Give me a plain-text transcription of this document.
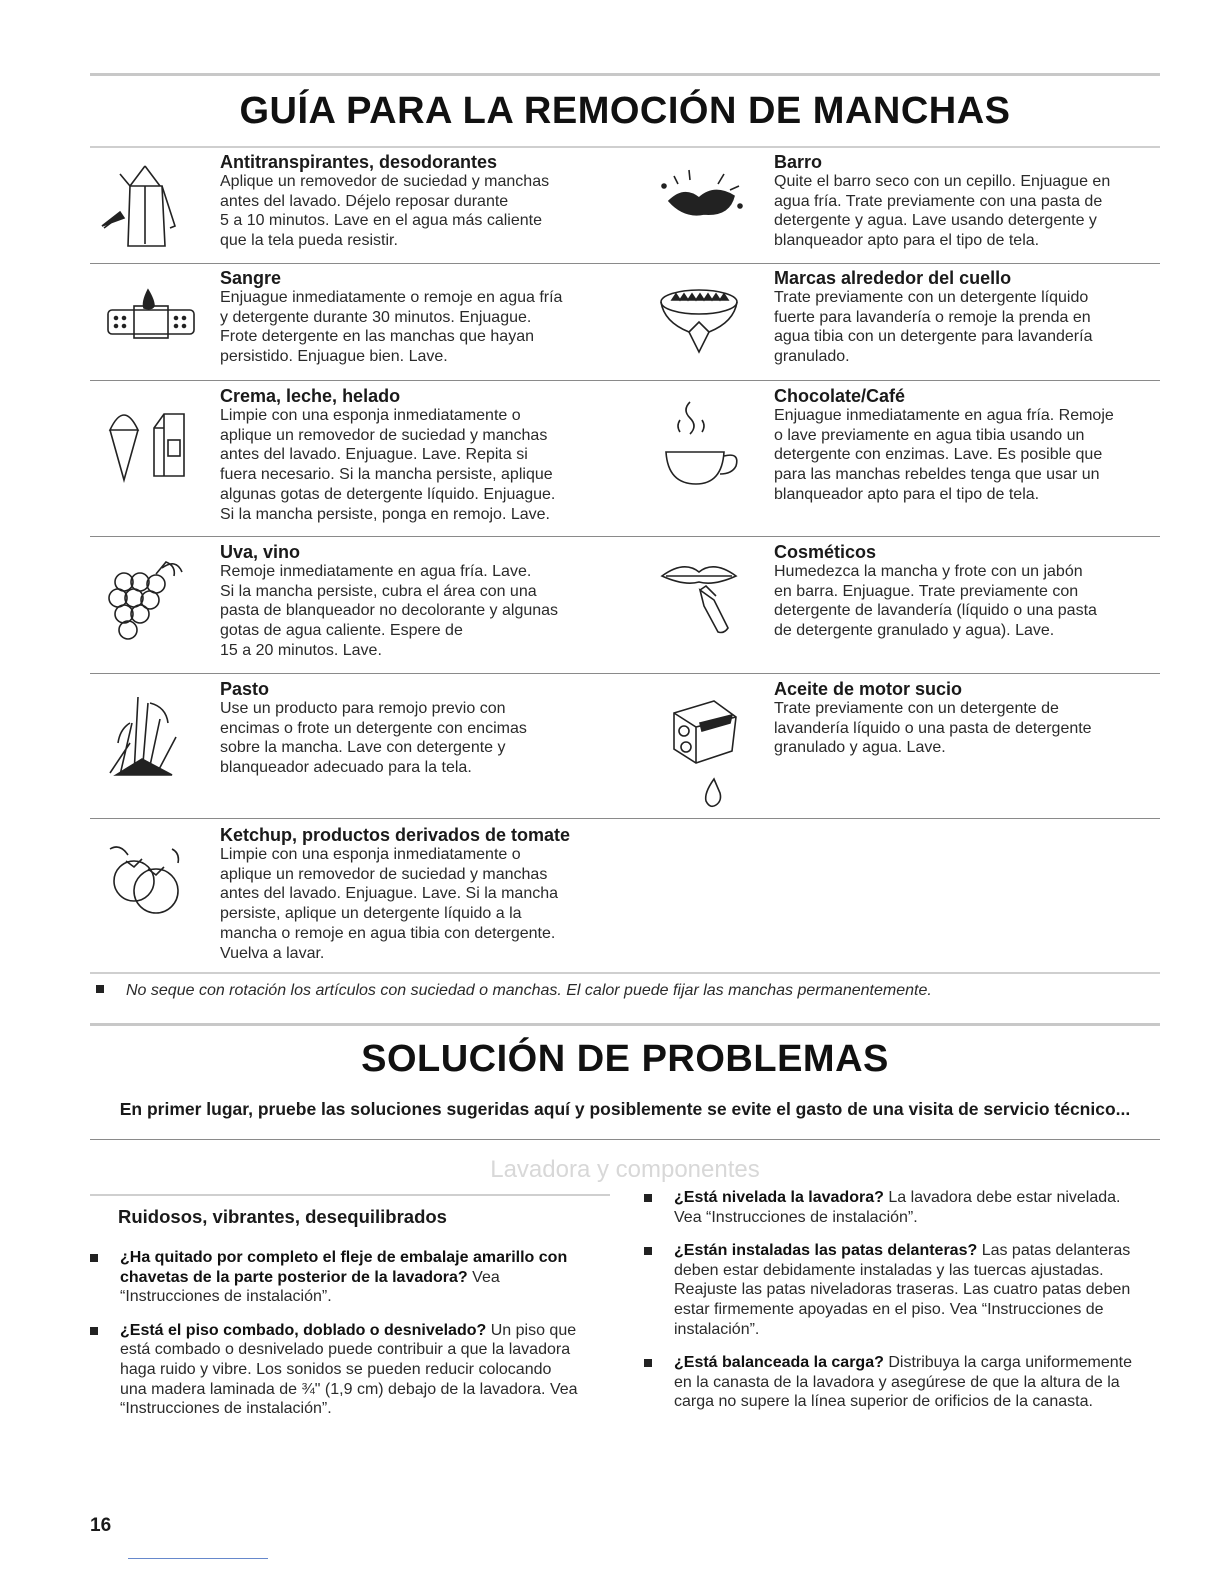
GUÍA PARA LA REMOCIÓN DE MANCHAS
Antitranspirantes, desodorantes

Aplique un removedor de suciedad y manchas

antes del lavado. Déjelo reposar durante

5 a 10 minutos. Lave en el agua más caliente

que la tela pueda resistir.

Barro

Quite el barro seco con un cepillo. Enjuague en

agua fría. Trate previamente con una pasta de

detergente y agua. Lave usando detergente y

blanqueador apto para el tipo de tela.

Sangre

Enjuague inmediatamente o remoje en agua fría

y detergente durante 30 minutos. Enjuague.

Frote detergente en las manchas que hayan

persistido. Enjuague bien. Lave.

Marcas alrededor del cuello

Trate previamente con un detergente líquido

fuerte para lavandería o remoje la prenda en

agua tibia con un detergente para lavandería

granulado.

Crema, leche, helado

Limpie con una esponja inmediatamente o

aplique un removedor de suciedad y manchas

antes del lavado. Enjuague. Lave. Repita si

fuera necesario. Si la mancha persiste, aplique

algunas gotas de detergente líquido. Enjuague.

Si la mancha persiste, ponga en remojo. Lave.

Chocolate/Café

Enjuague inmediatamente en agua fría. Remoje

o lave previamente en agua tibia usando un

detergente con enzimas. Lave. Es posible que

para las manchas rebeldes tenga que usar un

blanqueador apto para el tipo de tela.

Uva, vino

Remoje inmediatamente en agua fría. Lave.

Si la mancha persiste, cubra el área con una

pasta de blanqueador no decolorante y algunas

gotas de agua caliente. Espere de

15 a 20 minutos. Lave.

Cosméticos

Humedezca la mancha y frote con un jabón

en barra. Enjuague. Trate previamente con

detergente de lavandería (líquido o una pasta

de detergente granulado y agua). Lave.

Pasto

Use un producto para remojo previo con

encimas o frote un detergente con encimas

sobre la mancha. Lave con detergente y

blanqueador adecuado para la tela.

Aceite de motor sucio

Trate previamente con un detergente de

lavandería líquido o una pasta de detergente

granulado y agua. Lave.

Ketchup, productos derivados de tomate

Limpie con una esponja inmediatamente o

aplique un removedor de suciedad y manchas

antes del lavado. Enjuague. Lave. Si la mancha

persiste, aplique un detergente líquido a la

mancha o remoje en agua tibia con detergente.

Vuelva a lavar.

No seque con rotación los artículos con suciedad o manchas. El calor puede fijar las manchas permanentemente.
SOLUCIÓN DE PROBLEMAS
En primer lugar, pruebe las soluciones sugeridas aquí y posiblemente se evite el gasto de una visita de servicio técnico...
Lavadora y componentes
Ruidosos, vibrantes, desequilibrados
¿Ha quitado por completo el fleje de embalaje amarillo con chavetas de la parte posterior de la lavadora? Vea “Instrucciones de instalación”.
¿Está el piso combado, doblado o desnivelado? Un piso que está combado o desnivelado puede contribuir a que la lavadora haga ruido y vibre. Los sonidos se pueden reducir colocando una madera laminada de ¾" (1,9 cm) debajo de la lavadora. Vea “Instrucciones de instalación”.
¿Está nivelada la lavadora? La lavadora debe estar nivelada. Vea “Instrucciones de instalación”.
¿Están instaladas las patas delanteras? Las patas delanteras deben estar debidamente instaladas y las tuercas ajustadas. Reajuste las patas niveladoras traseras. Las cuatro patas deben estar firmemente apoyadas en el piso. Vea “Instrucciones de instalación”.
¿Está balanceada la carga? Distribuya la carga uniformemente en la canasta de la lavadora y asegúrese de que la altura de la carga no supere la línea superior de orificios de la canasta.
16
